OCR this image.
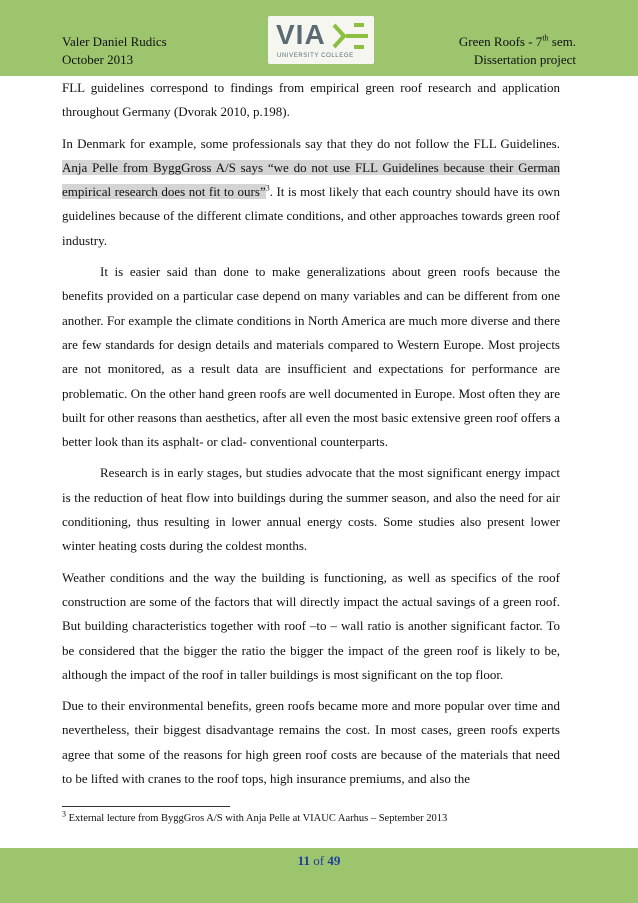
Valer Daniel Rudics
October 2013
VIA
UNIVERSITY COLLEGE
Green Roofs - 7th sem.
Dissertation project

FLL guidelines correspond to findings from empirical green roof research and application throughout Germany (Dvorak 2010, p.198).

In Denmark for example, some professionals say that they do not follow the FLL Guidelines. Anja Pelle from ByggGross A/S says “we do not use FLL Guidelines because their German empirical research does not fit to ours”$^3$. It is most likely that each country should have its own guidelines because of the different climate conditions, and other approaches towards green roof industry.

It is easier said than done to make generalizations about green roofs because the benefits provided on a particular case depend on many variables and can be different from one another. For example the climate conditions in North America are much more diverse and there are few standards for design details and materials compared to Western Europe. Most projects are not monitored, as a result data are insufficient and expectations for performance are problematic. On the other hand green roofs are well documented in Europe. Most often they are built for other reasons than aesthetics, after all even the most basic extensive green roof offers a better look than its asphalt- or clad- conventional counterparts.

Research is in early stages, but studies advocate that the most significant energy impact is the reduction of heat flow into buildings during the summer season, and also the need for air conditioning, thus resulting in lower annual energy costs. Some studies also present lower winter heating costs during the coldest months.

Weather conditions and the way the building is functioning, as well as specifics of the roof construction are some of the factors that will directly impact the actual savings of a green roof. But building characteristics together with roof –to – wall ratio is another significant factor. To be considered that the bigger the ratio the bigger the impact of the green roof is likely to be, although the impact of the roof in taller buildings is most significant on the top floor.

Due to their environmental benefits, green roofs became more and more popular over time and nevertheless, their biggest disadvantage remains the cost. In most cases, green roofs experts agree that some of the reasons for high green roof costs are because of the materials that need to be lifted with cranes to the roof tops, high insurance premiums, and also the

$^3$ External lecture from ByggGros A/S with Anja Pelle at VIAUC Aarhus – September 2013
11 of 49
